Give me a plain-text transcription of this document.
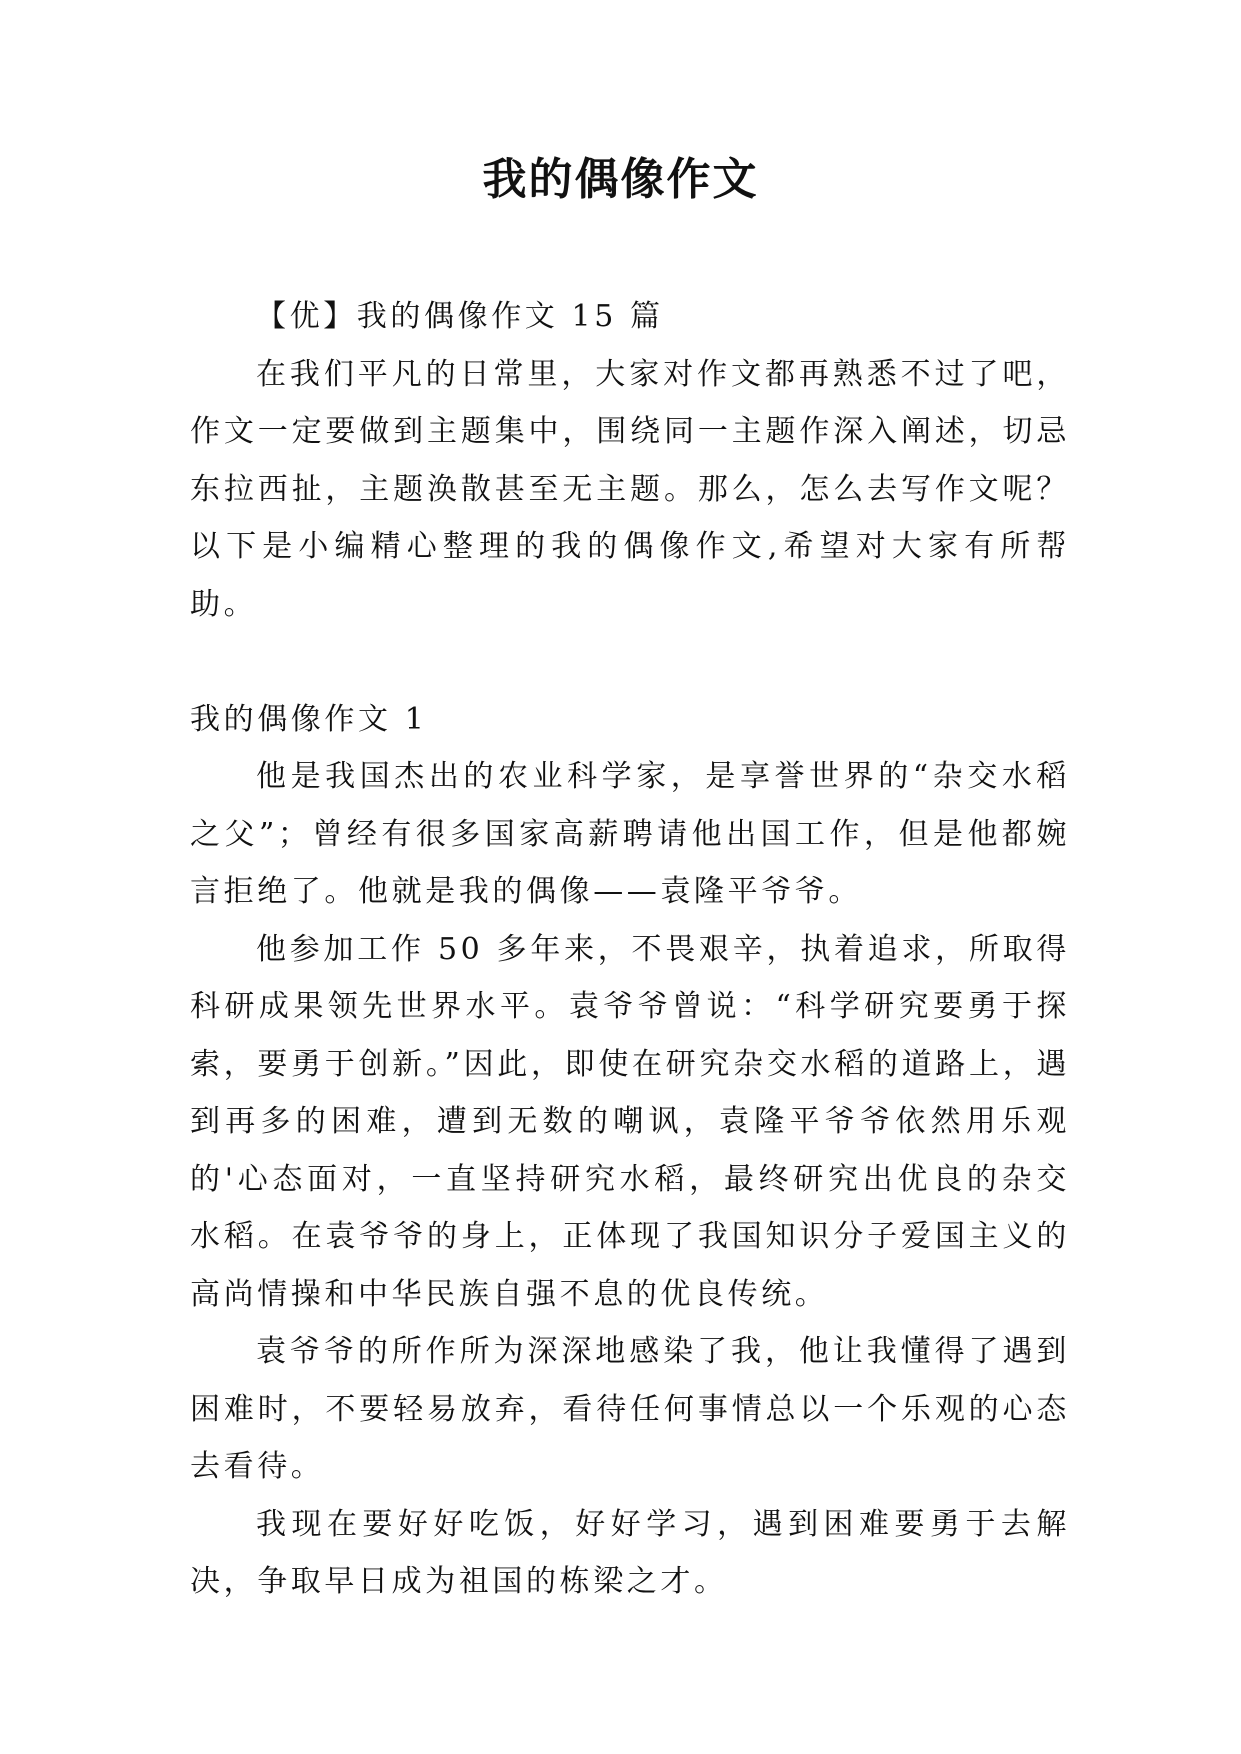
我的偶像作文

【优】我的偶像作文 15 篇

在我们平凡的日常里，大家对作文都再熟悉不过了吧，作文一定要做到主题集中，围绕同一主题作深入阐述，切忌东拉西扯，主题涣散甚至无主题。那么，怎么去写作文呢？以下是小编精心整理的我的偶像作文,希望对大家有所帮助。

我的偶像作文 1

他是我国杰出的农业科学家，是享誉世界的“杂交水稻之父”；曾经有很多国家高薪聘请他出国工作，但是他都婉言拒绝了。他就是我的偶像——袁隆平爷爷。

他参加工作 50 多年来，不畏艰辛，执着追求，所取得科研成果领先世界水平。袁爷爷曾说：“科学研究要勇于探索，要勇于创新。”因此，即使在研究杂交水稻的道路上，遇到再多的困难，遭到无数的嘲讽，袁隆平爷爷依然用乐观的'心态面对，一直坚持研究水稻，最终研究出优良的杂交水稻。在袁爷爷的身上，正体现了我国知识分子爱国主义的高尚情操和中华民族自强不息的优良传统。

袁爷爷的所作所为深深地感染了我，他让我懂得了遇到困难时，不要轻易放弃，看待任何事情总以一个乐观的心态去看待。

我现在要好好吃饭，好好学习，遇到困难要勇于去解决，争取早日成为祖国的栋梁之才。
